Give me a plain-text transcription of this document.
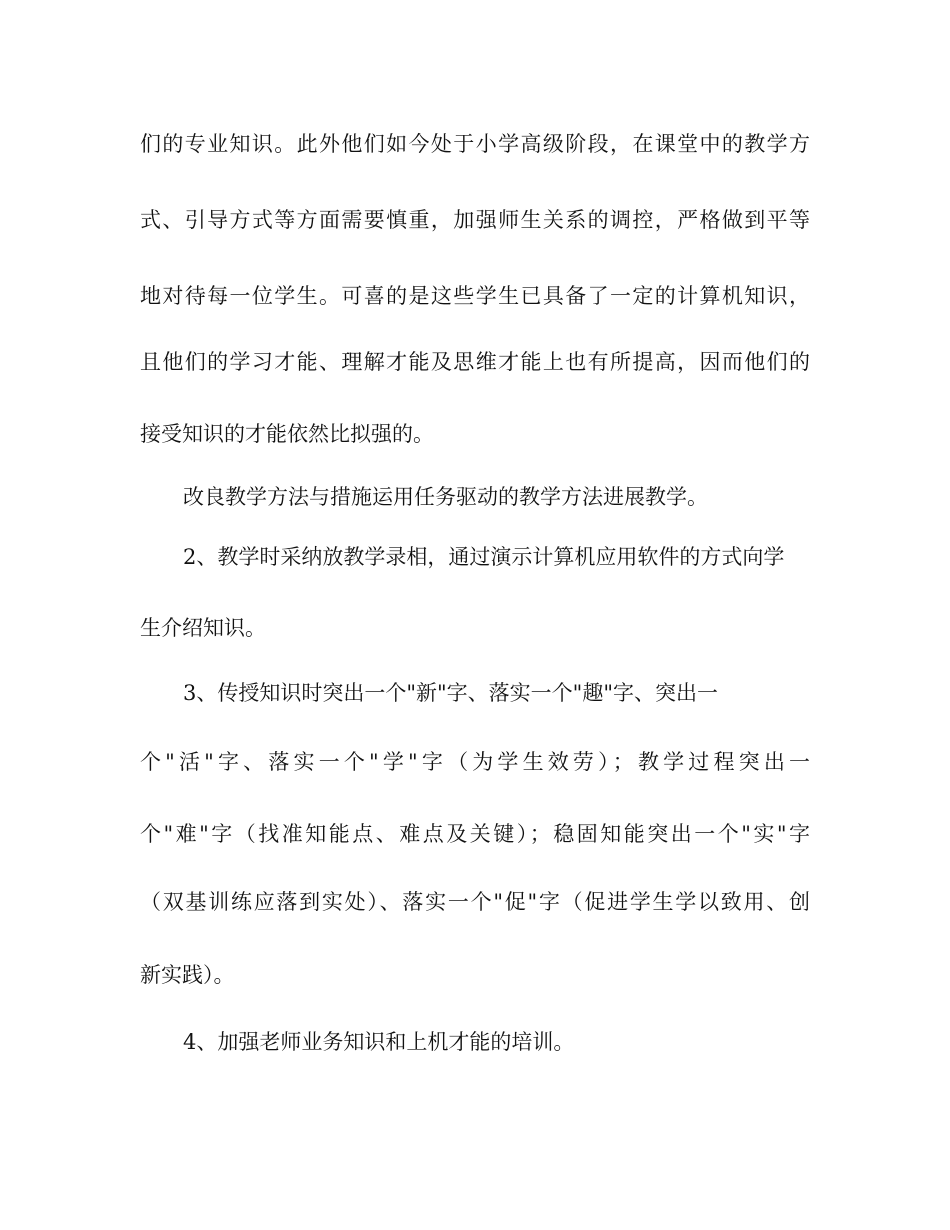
们的专业知识。此外他们如今处于小学高级阶段，在课堂中的教学方

式、引导方式等方面需要慎重，加强师生关系的调控，严格做到平等

地对待每一位学生。可喜的是这些学生已具备了一定的计算机知识，

且他们的学习才能、理解才能及思维才能上也有所提高，因而他们的

接受知识的才能依然比拟强的。

改良教学方法与措施运用任务驱动的教学方法进展教学。

2、教学时采纳放教学录相，通过演示计算机应用软件的方式向学

生介绍知识。

3、传授知识时突出一个"新"字、落实一个"趣"字、突出一

个"活"字、落实一个"学"字（为学生效劳）；教学过程突出一

个"难"字（找准知能点、难点及关键）；稳固知能突出一个"实"字

（双基训练应落到实处）、落实一个"促"字（促进学生学以致用、创

新实践）。

4、加强老师业务知识和上机才能的培训。
